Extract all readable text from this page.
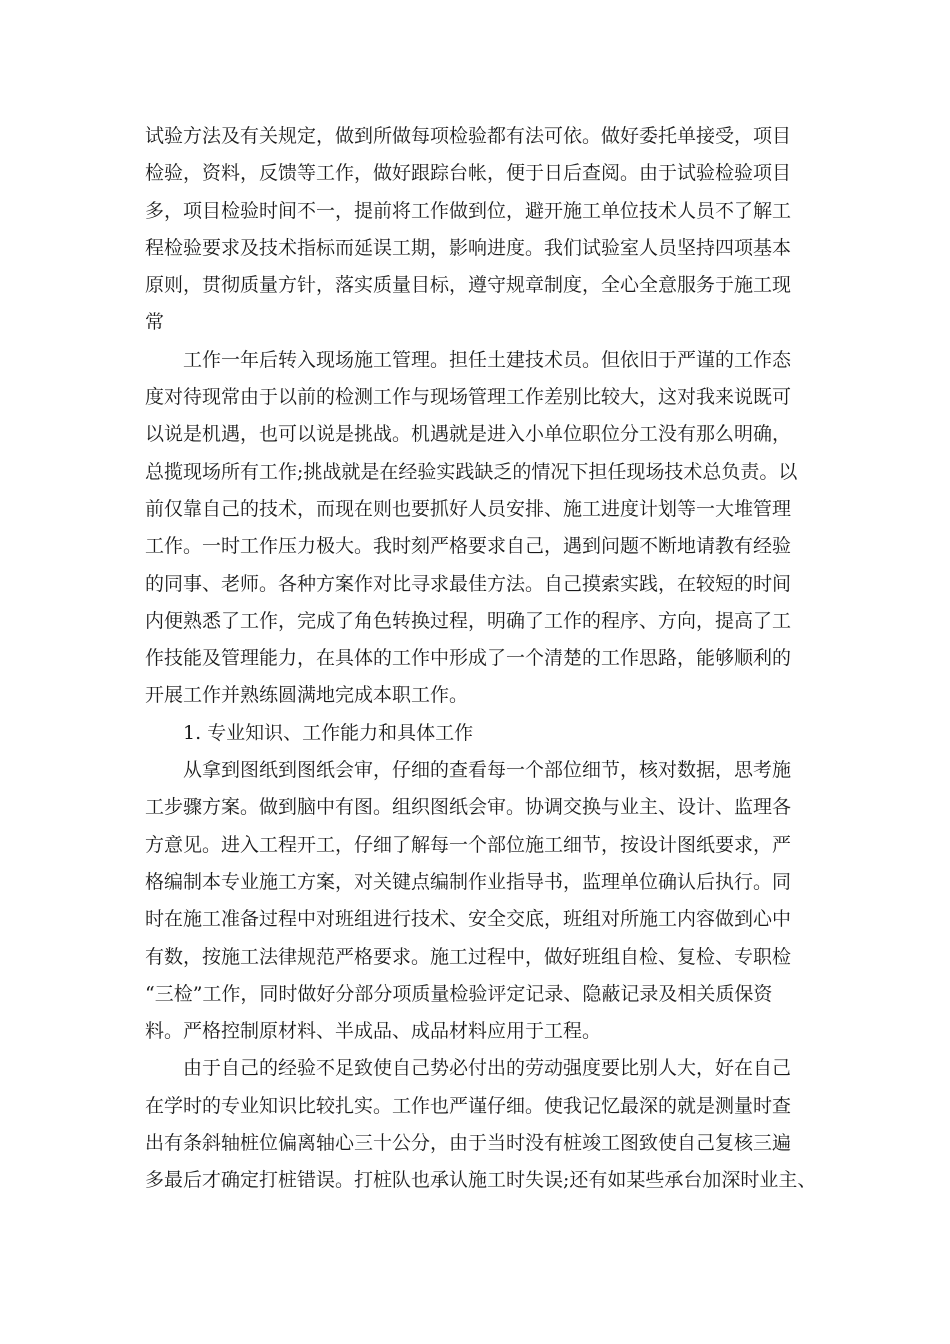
试验方法及有关规定，做到所做每项检验都有法可依。做好委托单接受，项目
检验，资料，反馈等工作，做好跟踪台帐，便于日后查阅。由于试验检验项目
多，项目检验时间不一，提前将工作做到位，避开施工单位技术人员不了解工
程检验要求及技术指标而延误工期，影响进度。我们试验室人员坚持四项基本
原则，贯彻质量方针，落实质量目标，遵守规章制度，全心全意服务于施工现
常
工作一年后转入现场施工管理。担任土建技术员。但依旧于严谨的工作态
度对待现常由于以前的检测工作与现场管理工作差别比较大，这对我来说既可
以说是机遇，也可以说是挑战。机遇就是进入小单位职位分工没有那么明确，
总揽现场所有工作;挑战就是在经验实践缺乏的情况下担任现场技术总负责。以
前仅靠自己的技术，而现在则也要抓好人员安排、施工进度计划等一大堆管理
工作。一时工作压力极大。我时刻严格要求自己，遇到问题不断地请教有经验
的同事、老师。各种方案作对比寻求最佳方法。自己摸索实践，在较短的时间
内便熟悉了工作，完成了角色转换过程，明确了工作的程序、方向，提高了工
作技能及管理能力，在具体的工作中形成了一个清楚的工作思路，能够顺利的
开展工作并熟练圆满地完成本职工作。
1. 专业知识、工作能力和具体工作
从拿到图纸到图纸会审，仔细的查看每一个部位细节，核对数据，思考施
工步骤方案。做到脑中有图。组织图纸会审。协调交换与业主、设计、监理各
方意见。进入工程开工，仔细了解每一个部位施工细节，按设计图纸要求，严
格编制本专业施工方案，对关键点编制作业指导书，监理单位确认后执行。同
时在施工准备过程中对班组进行技术、安全交底，班组对所施工内容做到心中
有数，按施工法律规范严格要求。施工过程中，做好班组自检、复检、专职检
“三检”工作，同时做好分部分项质量检验评定记录、隐蔽记录及相关质保资
料。严格控制原材料、半成品、成品材料应用于工程。
由于自己的经验不足致使自己势必付出的劳动强度要比别人大，好在自己
在学时的专业知识比较扎实。工作也严谨仔细。使我记忆最深的就是测量时查
出有条斜轴桩位偏离轴心三十公分，由于当时没有桩竣工图致使自己复核三遍
多最后才确定打桩错误。打桩队也承认施工时失误;还有如某些承台加深时业主、
